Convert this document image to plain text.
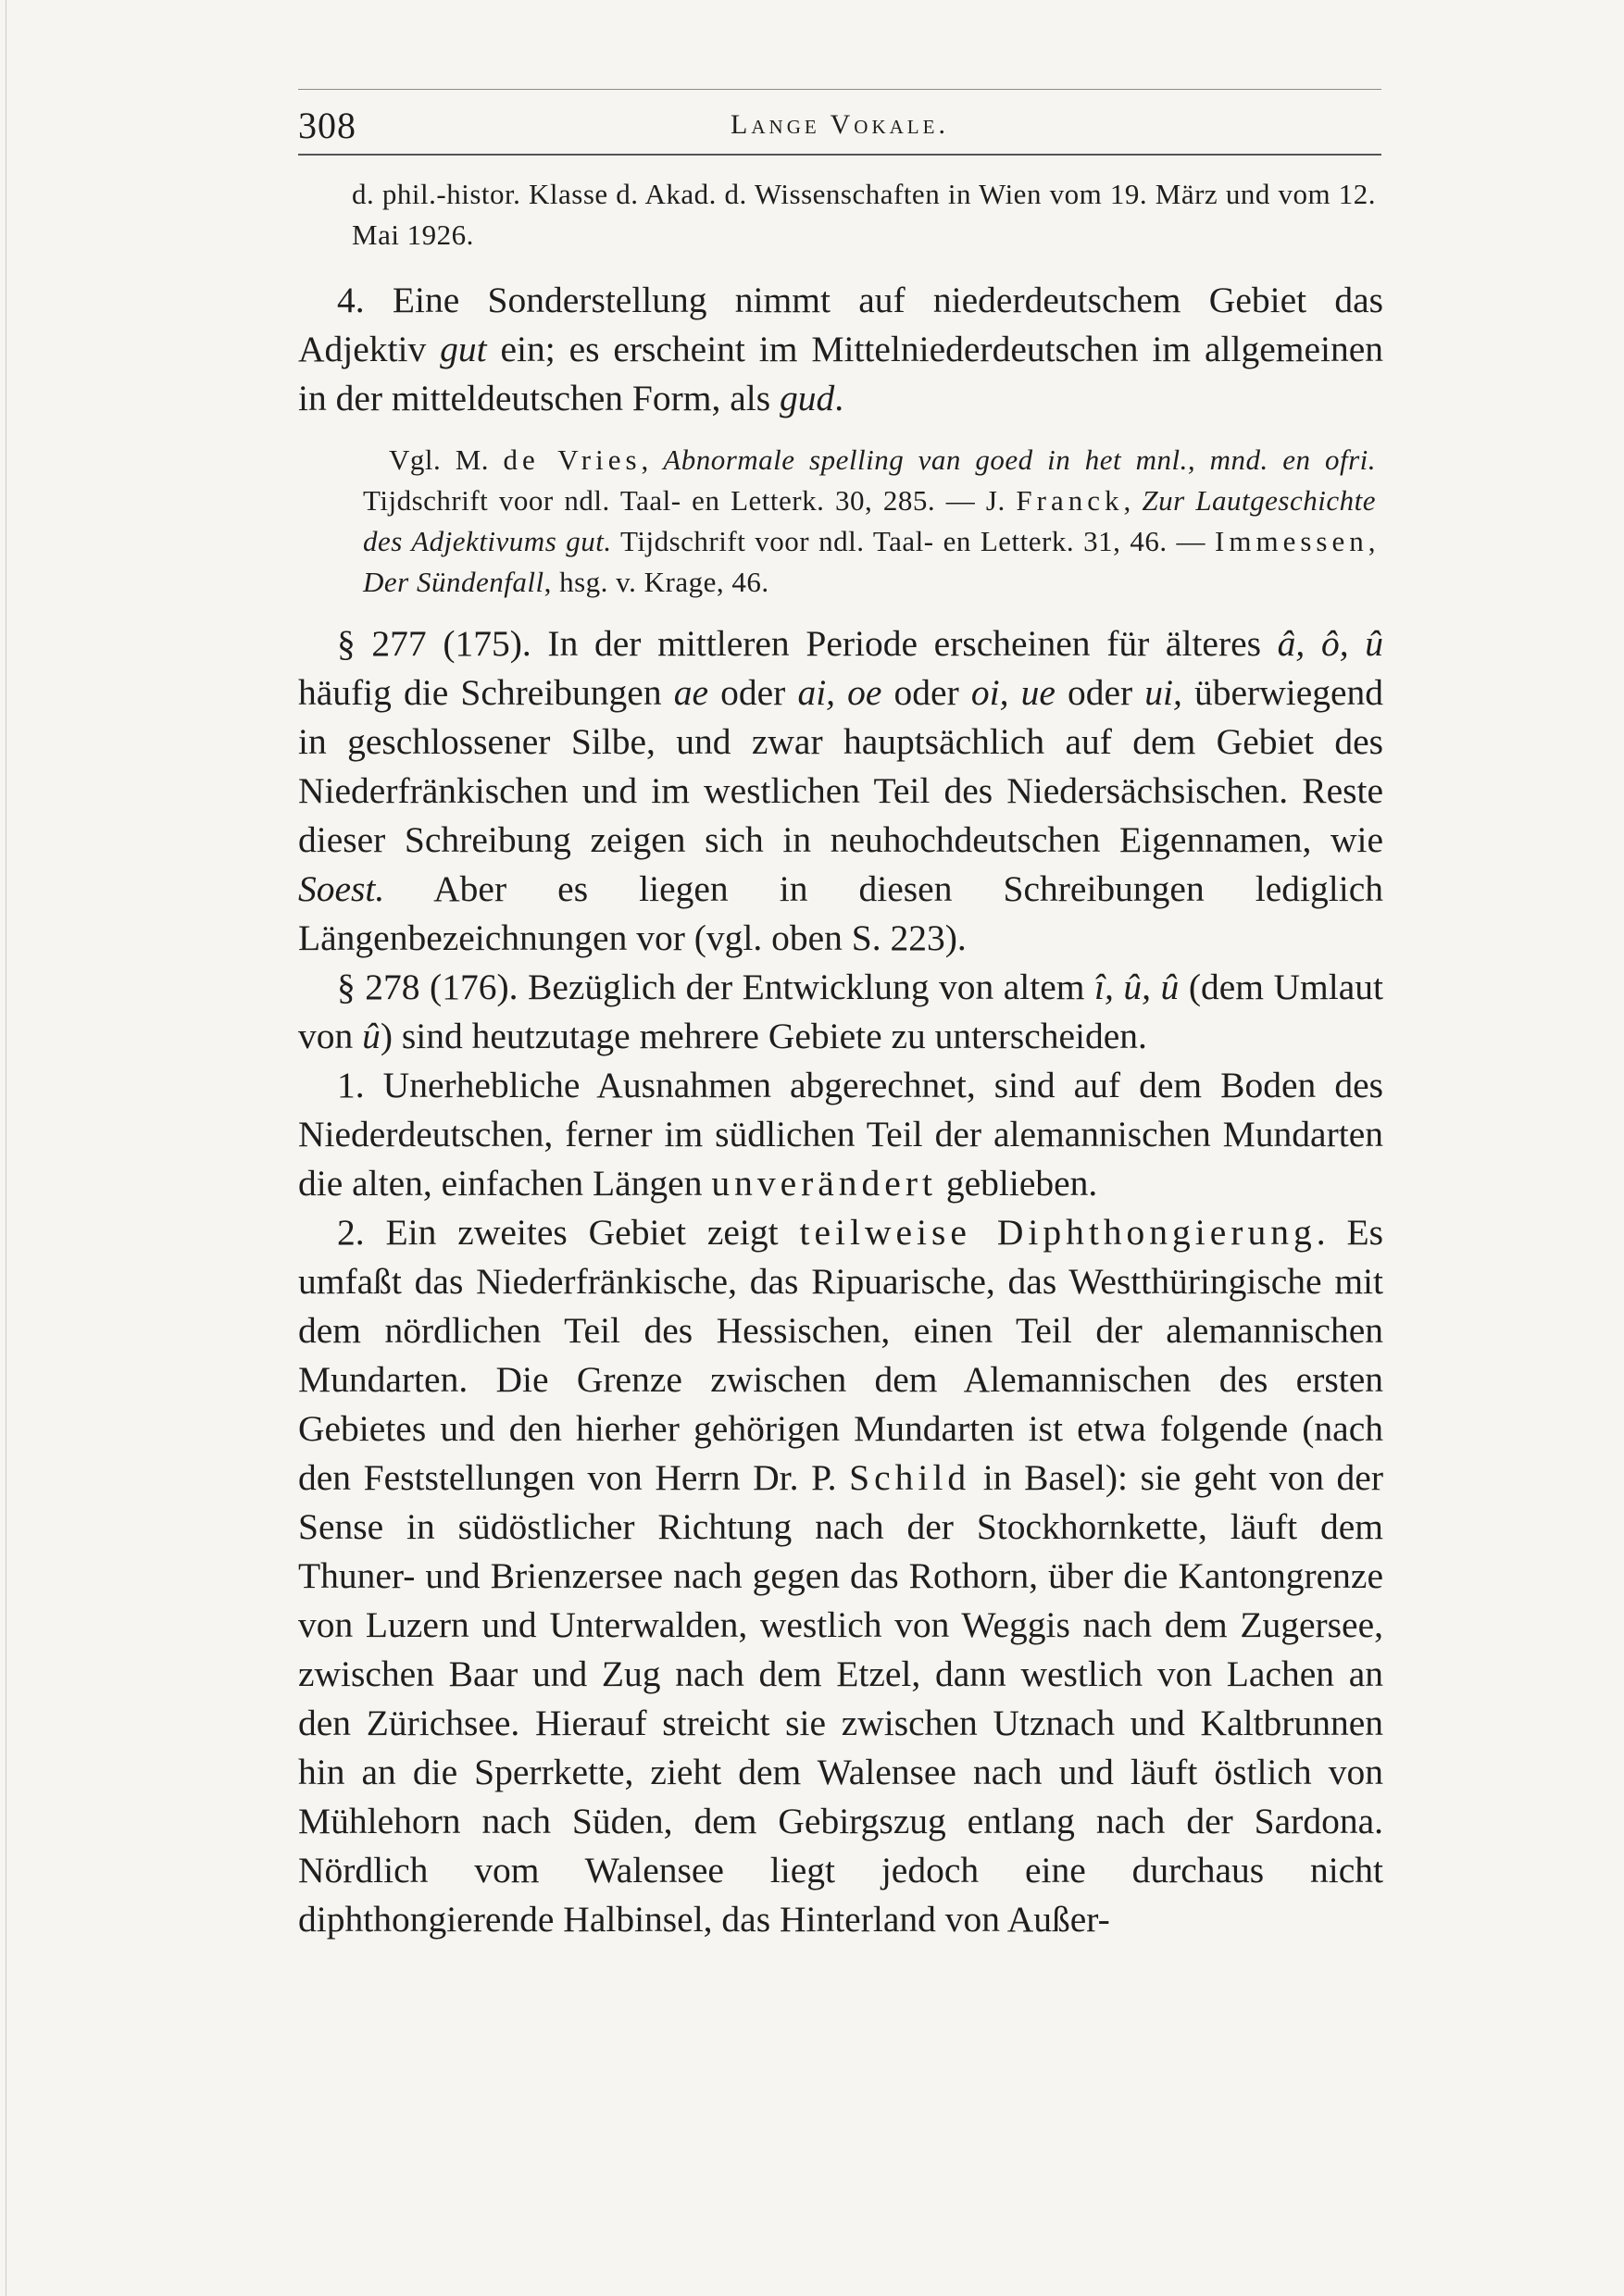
308	Lange Vokale.

d. phil.-histor. Klasse d. Akad. d. Wissenschaften in Wien vom 19. März und vom 12. Mai 1926.

4. Eine Sonderstellung nimmt auf niederdeutschem Gebiet das Adjektiv gut ein; es erscheint im Mittelniederdeutschen im allgemeinen in der mitteldeutschen Form, als gud.

Vgl. M. de Vries, Abnormale spelling van goed in het mnl., mnd. en ofri. Tijdschrift voor ndl. Taal- en Letterk. 30, 285. — J. Franck, Zur Lautgeschichte des Adjektivums gut. Tijdschrift voor ndl. Taal- en Letterk. 31, 46. — Immessen, Der Sündenfall, hsg. v. Krage, 46.

§ 277 (175). In der mittleren Periode erscheinen für älteres â, ô, û häufig die Schreibungen ae oder ai, oe oder oi, ue oder ui, überwiegend in geschlossener Silbe, und zwar hauptsächlich auf dem Gebiet des Niederfränkischen und im westlichen Teil des Niedersächsischen. Reste dieser Schreibung zeigen sich in neuhochdeutschen Eigennamen, wie Soest. Aber es liegen in diesen Schreibungen lediglich Längenbezeichnungen vor (vgl. oben S. 223).

§ 278 (176). Bezüglich der Entwicklung von altem î, û, û (dem Umlaut von û) sind heutzutage mehrere Gebiete zu unterscheiden.

1. Unerhebliche Ausnahmen abgerechnet, sind auf dem Boden des Niederdeutschen, ferner im südlichen Teil der alemannischen Mundarten die alten, einfachen Längen unverändert geblieben.

2. Ein zweites Gebiet zeigt teilweise Diphthongierung. Es umfaßt das Niederfränkische, das Ripuarische, das Westthüringische mit dem nördlichen Teil des Hessischen, einen Teil der alemannischen Mundarten. Die Grenze zwischen dem Alemannischen des ersten Gebietes und den hierher gehörigen Mundarten ist etwa folgende (nach den Feststellungen von Herrn Dr. P. Schild in Basel): sie geht von der Sense in südöstlicher Richtung nach der Stockhornkette, läuft dem Thuner- und Brienzersee nach gegen das Rothorn, über die Kantongrenze von Luzern und Unterwalden, westlich von Weggis nach dem Zugersee, zwischen Baar und Zug nach dem Etzel, dann westlich von Lachen an den Zürichsee. Hierauf streicht sie zwischen Utznach und Kaltbrunnen hin an die Sperrkette, zieht dem Walensee nach und läuft östlich von Mühlehorn nach Süden, dem Gebirgszug entlang nach der Sardona. Nördlich vom Walensee liegt jedoch eine durchaus nicht diphthongierende Halbinsel, das Hinterland von Außer-
